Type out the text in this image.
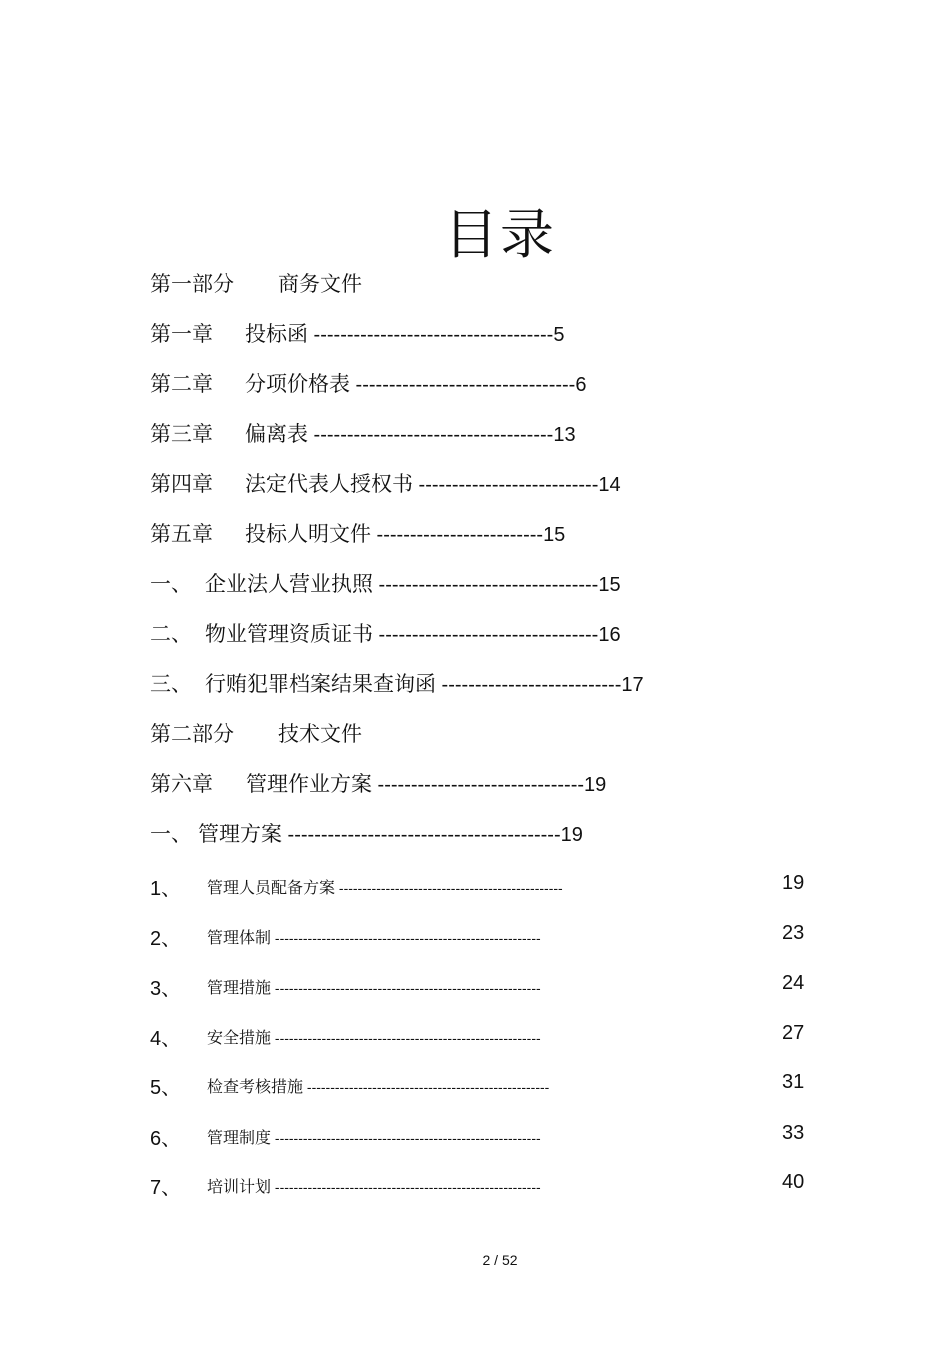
目录
第一部分 商务文件
第一章 投标函 ------------------------------------5
第二章 分项价格表 ---------------------------------6
第三章 偏离表 ------------------------------------13
第四章 法定代表人授权书 ---------------------------14
第五章 投标人明文件 -------------------------15
一、 企业法人营业执照 ---------------------------------15
二、 物业管理资质证书 ---------------------------------16
三、 行贿犯罪档案结果查询函 ---------------------------17
第二部分 技术文件
第六章 管理作业方案 -------------------------------19
一、 管理方案 -----------------------------------------19
1、 管理人员配备方案 ------------------------------------------------	19
2、 管理体制 ---------------------------------------------------------	23
3、 管理措施 ---------------------------------------------------------	24
4、 安全措施 ---------------------------------------------------------	27
5、 检查考核措施 ----------------------------------------------------	31
6、 管理制度 ---------------------------------------------------------	33
7、 培训计划 ---------------------------------------------------------	40
2 / 52
